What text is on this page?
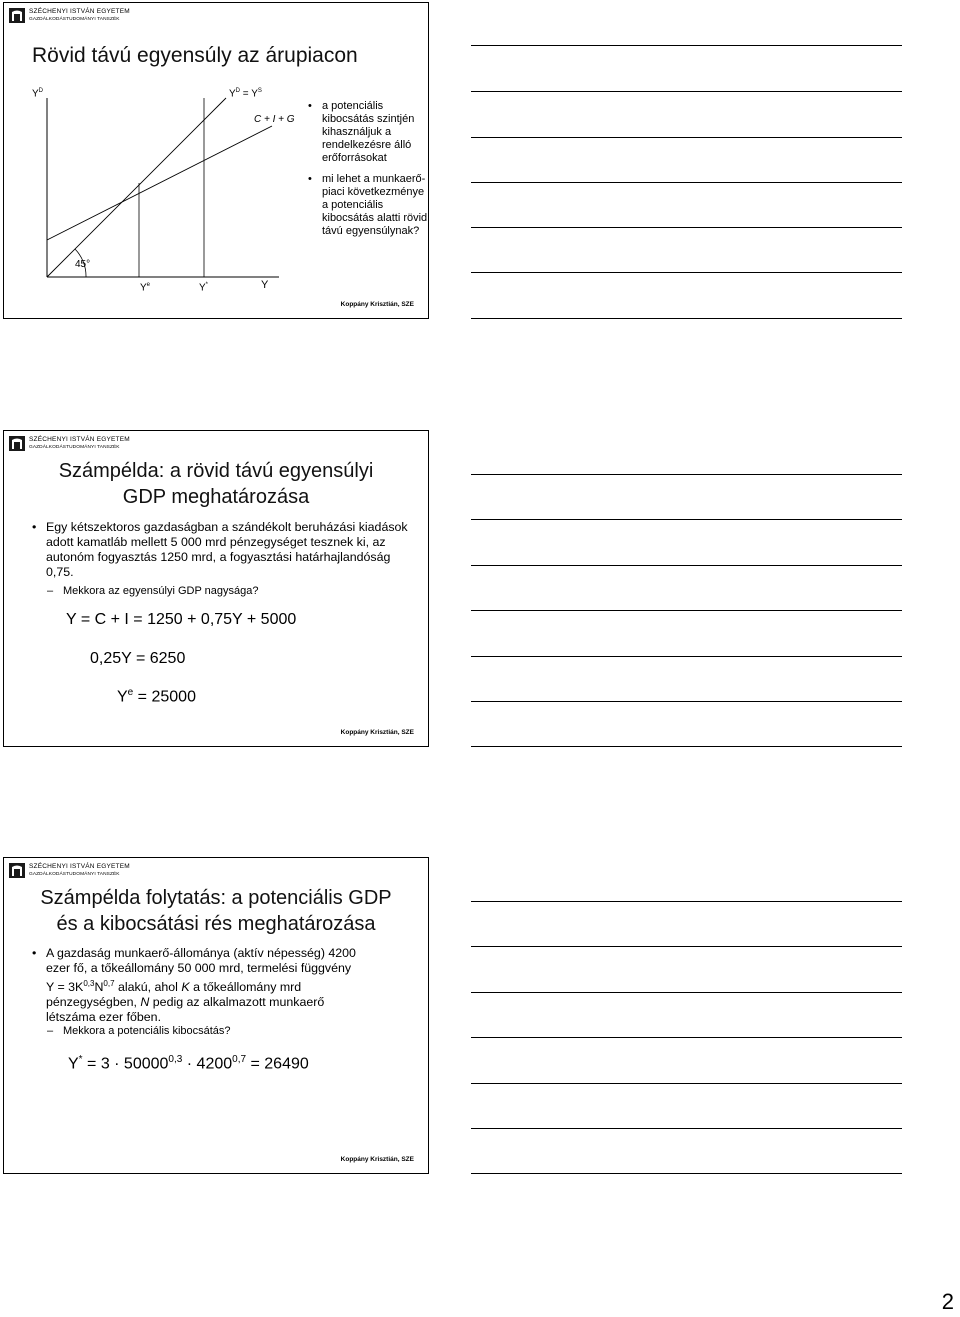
SZÉCHENYI ISTVÁN EGYETEM
GAZDÁLKODÁSTUDOMÁNYI TANSZÉK
Rövid távú egyensúly az árupiacon
$Y^D$	$Y^D = Y^S$
C + I + G
45°
$Y^e$	Y*	Y
• a potenciális kibocsátás szintjén kihasználjuk a rendelkezésre álló erőforrásokat
• mi lehet a munkaerő-piaci következménye a potenciális kibocsátás alatti rövid távú egyensúlynak?
Koppány Krisztián, SZE
SZÉCHENYI ISTVÁN EGYETEM
GAZDÁLKODÁSTUDOMÁNYI TANSZÉK
Számpélda: a rövid távú egyensúlyi
GDP meghatározása
• Egy kétszektoros gazdaságban a szándékolt beruházási kiadások adott kamatláb mellett 5 000 mrd pénzegységet tesznek ki, az autonóm fogyasztás 1250 mrd, a fogyasztási határhajlandóság 0,75.
– Mekkora az egyensúlyi GDP nagysága?
Y = C + I = 1250 + 0,75Y + 5000
0,25Y = 6250
$Y^e = 25000$
Koppány Krisztián, SZE
SZÉCHENYI ISTVÁN EGYETEM
GAZDÁLKODÁSTUDOMÁNYI TANSZÉK
Számpélda folytatás: a potenciális GDP
és a kibocsátási rés meghatározása
• A gazdaság munkaerő-állománya (aktív népesség) 4200
ezer fő, a tőkeállomány 50 000 mrd, termelési függvény
$Y = 3K^{0,3}N^{0,7}$ alakú, ahol K a tőkeállomány mrd
pénzegységben, N pedig az alkalmazott munkaerő
létszáma ezer főben.
– Mekkora a potenciális kibocsátás?
$Y^* = 3 \cdot 50000^{0,3} \cdot 4200^{0,7} = 26490$
Koppány Krisztián, SZE
2
